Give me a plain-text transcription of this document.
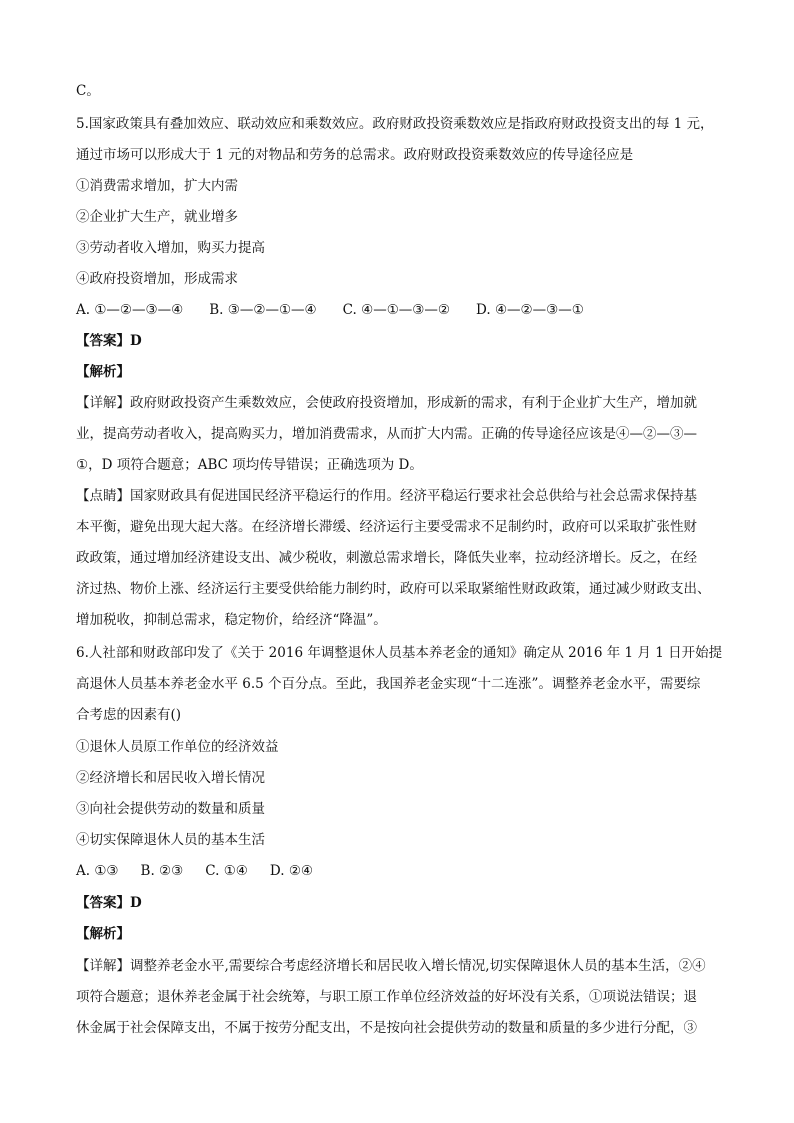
C。
5.国家政策具有叠加效应、联动效应和乘数效应。政府财政投资乘数效应是指政府财政投资支出的每 1 元，
通过市场可以形成大于 1 元的对物品和劳务的总需求。政府财政投资乘数效应的传导途径应是
①消费需求增加，扩大内需
②企业扩大生产，就业增多
③劳动者收入增加，购买力提高
④政府投资增加，形成需求
A. ①—②—③—④ B. ③—②—①—④ C. ④—①—③—② D. ④—②—③—①
【答案】D
【解析】
【详解】政府财政投资产生乘数效应，会使政府投资增加，形成新的需求，有利于企业扩大生产，增加就
业，提高劳动者收入，提高购买力，增加消费需求，从而扩大内需。正确的传导途径应该是④—②—③—
①，D 项符合题意；ABC 项均传导错误；正确选项为 D。
【点睛】国家财政具有促进国民经济平稳运行的作用。经济平稳运行要求社会总供给与社会总需求保持基
本平衡，避免出现大起大落。在经济增长滞缓、经济运行主要受需求不足制约时，政府可以采取扩张性财
政政策，通过增加经济建设支出、减少税收，刺激总需求增长，降低失业率，拉动经济增长。反之，在经
济过热、物价上涨、经济运行主要受供给能力制约时，政府可以采取紧缩性财政政策，通过减少财政支出、
增加税收，抑制总需求，稳定物价，给经济“降温”。
6.人社部和财政部印发了《关于 2016 年调整退休人员基本养老金的通知》确定从 2016 年 1 月 1 日开始提
高退休人员基本养老金水平 6.5 个百分点。至此，我国养老金实现“十二连涨”。调整养老金水平，需要综
合考虑的因素有()
①退休人员原工作单位的经济效益
②经济增长和居民收入增长情况
③向社会提供劳动的数量和质量
④切实保障退休人员的基本生活
A. ①③ B. ②③ C. ①④ D. ②④
【答案】D
【解析】
【详解】调整养老金水平,需要综合考虑经济增长和居民收入增长情况,切实保障退休人员的基本生活，②④
项符合题意；退休养老金属于社会统筹，与职工原工作单位经济效益的好坏没有关系，①项说法错误；退
休金属于社会保障支出，不属于按劳分配支出，不是按向社会提供劳动的数量和质量的多少进行分配，③
